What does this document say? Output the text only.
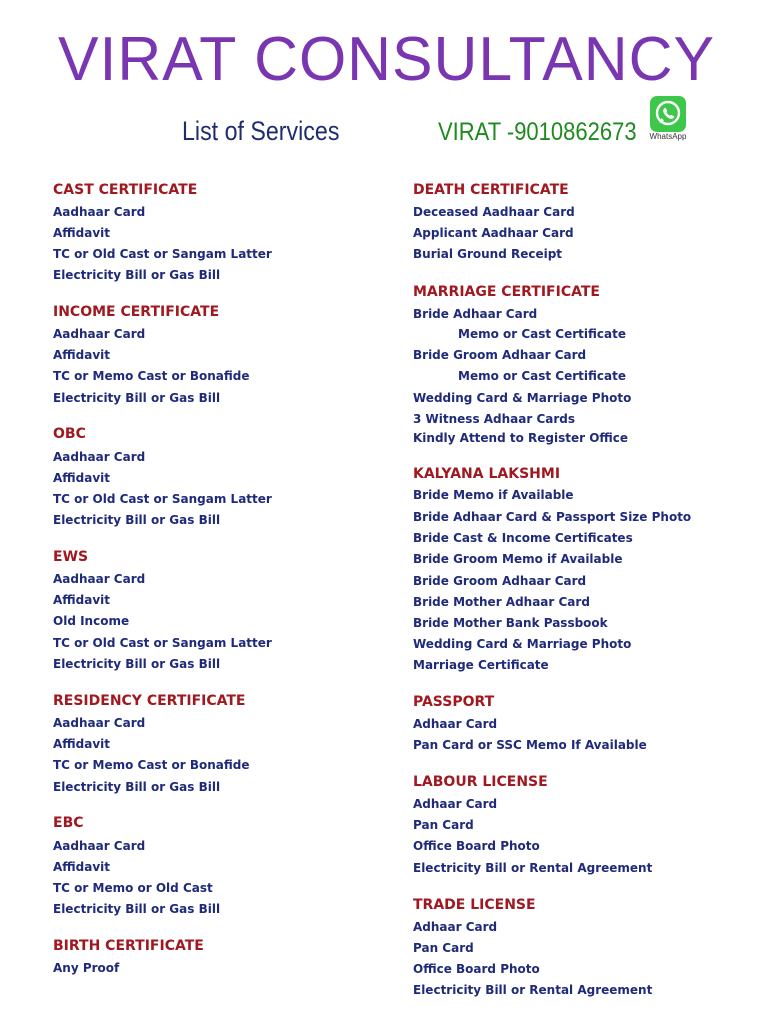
VIRAT CONSULTANCY
List of Services	VIRAT -9010862673	WhatsApp
CAST CERTIFICATE
Aadhaar Card
Affidavit
TC or Old Cast or Sangam Latter
Electricity Bill or Gas Bill
INCOME CERTIFICATE
Aadhaar Card
Affidavit
TC or Memo Cast or Bonafide
Electricity Bill or Gas Bill
OBC
Aadhaar Card
Affidavit
TC or Old Cast or Sangam Latter
Electricity Bill or Gas Bill
EWS
Aadhaar Card
Affidavit
Old Income
TC or Old Cast or Sangam Latter
Electricity Bill or Gas Bill
RESIDENCY CERTIFICATE
Aadhaar Card
Affidavit
TC or Memo Cast or Bonafide
Electricity Bill or Gas Bill
EBC
Aadhaar Card
Affidavit
TC or Memo or Old Cast
Electricity Bill or Gas Bill
BIRTH CERTIFICATE
Any Proof
DEATH CERTIFICATE
Deceased Aadhaar Card
Applicant Aadhaar Card
Burial Ground Receipt
MARRIAGE CERTIFICATE
Bride Adhaar Card
Memo or Cast Certificate
Bride Groom Adhaar Card
Memo or Cast Certificate
Wedding Card & Marriage Photo
3 Witness Adhaar Cards
Kindly Attend to Register Office
KALYANA LAKSHMI
Bride Memo if Available
Bride Adhaar Card & Passport Size Photo
Bride Cast & Income Certificates
Bride Groom Memo if Available
Bride Groom Adhaar Card
Bride Mother Adhaar Card
Bride Mother Bank Passbook
Wedding Card & Marriage Photo
Marriage Certificate
PASSPORT
Adhaar Card
Pan Card or SSC Memo If Available
LABOUR LICENSE
Adhaar Card
Pan Card
Office Board Photo
Electricity Bill or Rental Agreement
TRADE LICENSE
Adhaar Card
Pan Card
Office Board Photo
Electricity Bill or Rental Agreement
